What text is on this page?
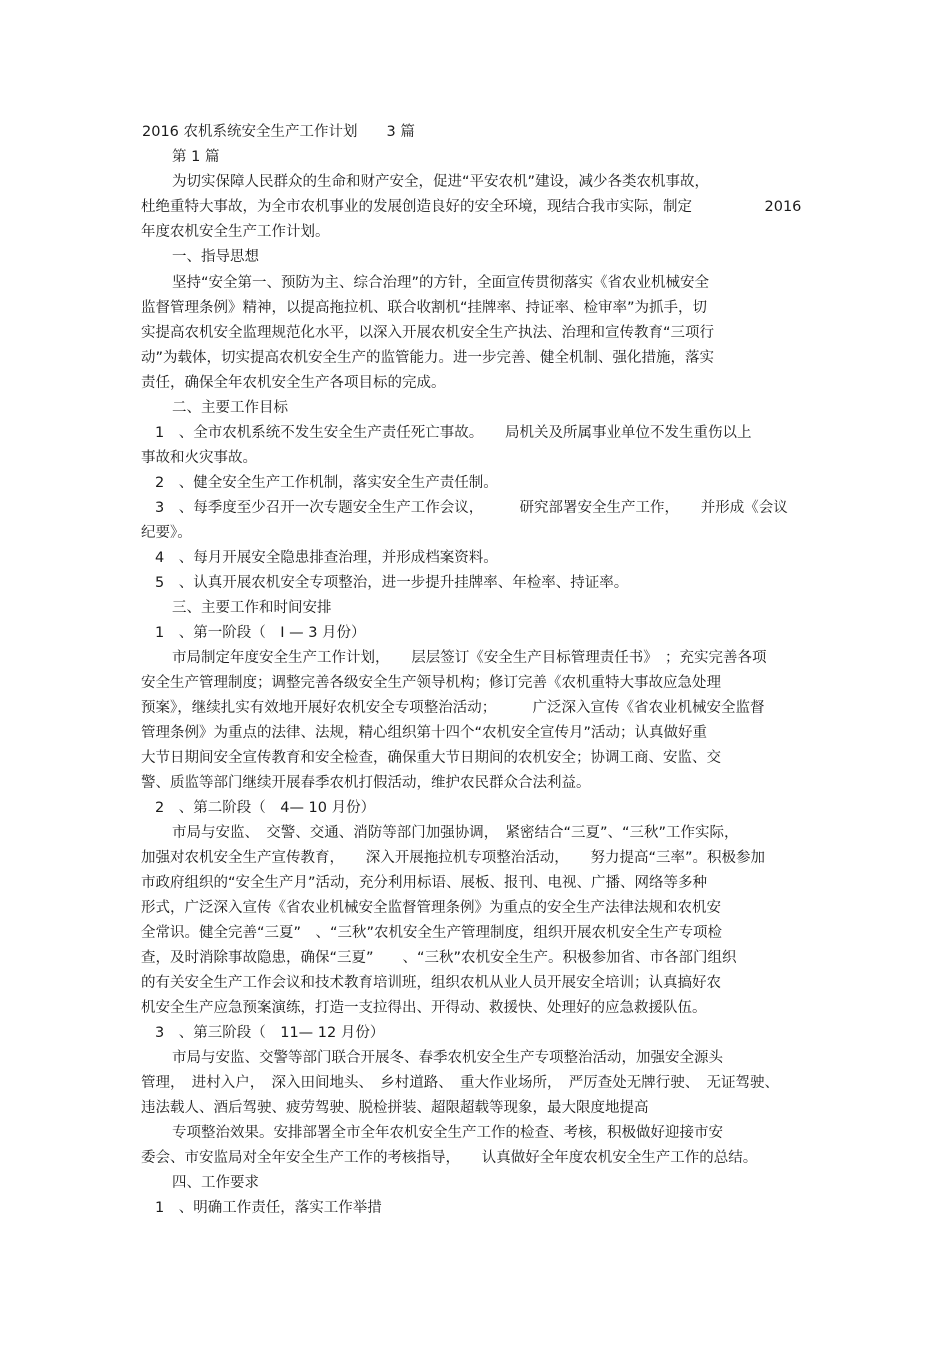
2016 农机系统安全生产工作计划　　3 篇
第 1 篇
为切实保障人民群众的生命和财产安全，促进“平安农机”建设，减少各类农机事故，
杜绝重特大事故，为全市农机事业的发展创造良好的安全环境，现结合我市实际，制定　　　　　2016
年度农机安全生产工作计划。
一、指导思想
坚持“安全第一、预防为主、综合治理”的方针，全面宣传贯彻落实《省农业机械安全
监督管理条例》精神，以提高拖拉机、联合收割机“挂牌率、持证率、检审率”为抓手，切
实提高农机安全监理规范化水平，以深入开展农机安全生产执法、治理和宣传教育“三项行
动”为载体，切实提高农机安全生产的监管能力。进一步完善、健全机制、强化措施，落实
责任，确保全年农机安全生产各项目标的完成。
二、主要工作目标
1　、全市农机系统不发生安全生产责任死亡事故。　　局机关及所属事业单位不发生重伤以上
事故和火灾事故。
2　、健全安全生产工作机制，落实安全生产责任制。
3　、每季度至少召开一次专题安全生产工作会议，　　　研究部署安全生产工作，　　并形成《会议
纪要》。
4　、每月开展安全隐患排查治理，并形成档案资料。
5　、认真开展农机安全专项整治，进一步提升挂牌率、年检率、持证率。
三、主要工作和时间安排
1　、第一阶段（　I — 3 月份）
市局制定年度安全生产工作计划，　　层层签订《安全生产目标管理责任书》　；充实完善各项
安全生产管理制度；调整完善各级安全生产领导机构；修订完善《农机重特大事故应急处理
预案》，继续扎实有效地开展好农机安全专项整治活动；　　　广泛深入宣传《省农业机械安全监督
管理条例》为重点的法律、法规，精心组织第十四个“农机安全宣传月”活动；认真做好重
大节日期间安全宣传教育和安全检查，确保重大节日期间的农机安全；协调工商、安监、交
警、质监等部门继续开展春季农机打假活动，维护农民群众合法利益。
2　、第二阶段（　4— 10 月份）
市局与安监、　交警、交通、消防等部门加强协调，　紧密结合“三夏”、“三秋”工作实际，
加强对农机安全生产宣传教育，　　深入开展拖拉机专项整治活动，　　努力提高“三率”。积极参加
市政府组织的“安全生产月”活动，充分利用标语、展板、报刊、电视、广播、网络等多种
形式，广泛深入宣传《省农业机械安全监督管理条例》为重点的安全生产法律法规和农机安
全常识。健全完善“三夏”　、“三秋”农机安全生产管理制度，组织开展农机安全生产专项检
查，及时消除事故隐患，确保“三夏”　　、“三秋”农机安全生产。积极参加省、市各部门组织
的有关安全生产工作会议和技术教育培训班，组织农机从业人员开展安全培训；认真搞好农
机安全生产应急预案演练，打造一支拉得出、开得动、救援快、处理好的应急救援队伍。
3　、第三阶段（　11— 12 月份）
市局与安监、交警等部门联合开展冬、春季农机安全生产专项整治活动，加强安全源头
管理，　进村入户，　深入田间地头、　乡村道路、　重大作业场所，　严厉查处无牌行驶、　无证驾驶、
违法载人、酒后驾驶、疲劳驾驶、脱检拼装、超限超载等现象，最大限度地提高
专项整治效果。安排部署全市全年农机安全生产工作的检查、考核，积极做好迎接市安
委会、市安监局对全年安全生产工作的考核指导，　　认真做好全年度农机安全生产工作的总结。
四、工作要求
1　、明确工作责任，落实工作举措
